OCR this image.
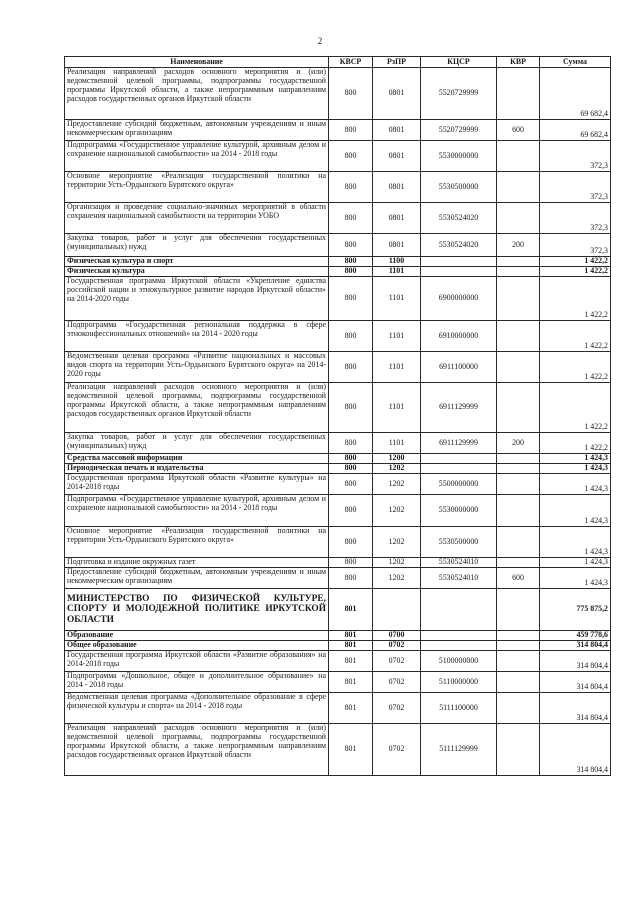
2
Наименование	КВСР	РзПР	КЦСР	КВР	Сумма
Реализация направлений расходов основного мероприятия и (или) ведомственной целевой программы, подпрограммы государственной программы Иркутской области, а также непрограммным направлениям расходов государственных органов Иркутской области	800	0801	5520729999		69 682,4
Предоставление субсидий бюджетным, автономным учреждениям и иным некоммерческим организациям	800	0801	5520729999	600	69 682,4
Подпрограмма «Государственное управление культурой, архивным делом и сохранение национальной самобытности» на 2014 - 2018 годы	800	0801	5530000000		372,3
Основное мероприятие «Реализация государственной политики на территории Усть-Ордынского Бурятского округа»	800	0801	5530500000		372,3
Организация и проведение социально-значимых мероприятий в области сохранения национальной самобытности на территории УОБО	800	0801	5530524020		372,3
Закупка товаров, работ и услуг для обеспечения государственных (муниципальных) нужд	800	0801	5530524020	200	372,3
Физическая культура и спорт	800	1100			1 422,2
Физическая культура	800	1101			1 422,2
Государственная программа Иркутской области «Укрепление единства российской нации и этнокультурное развитие народов Иркутской области» на 2014-2020 годы	800	1101	6900000000		1 422,2
Подпрограмма «Государственная региональная поддержка в сфере этноконфессиональных отношений» на 2014 - 2020 годы	800	1101	6910000000		1 422,2
Ведомственная целевая программа «Развитие национальных и массовых видов спорта на территории Усть-Ордынского Бурятского округа» на 2014-2020 годы	800	1101	6911100000		1 422,2
Реализация направлений расходов основного мероприятия и (или) ведомственной целевой программы, подпрограммы государственной программы Иркутской области, а также непрограммным направлениям расходов государственных органов Иркутской области	800	1101	6911129999		1 422,2
Закупка товаров, работ и услуг для обеспечения государственных (муниципальных) нужд	800	1101	6911129999	200	1 422,2
Средства массовой информации	800	1200			1 424,3
Периодическая печать и издательства	800	1202			1 424,3
Государственная программа Иркутской области «Развитие культуры» на 2014-2018 годы	800	1202	5500000000		1 424,3
Подпрограмма «Государственное управление культурой, архивным делом и сохранение национальной самобытности» на 2014 - 2018 годы	800	1202	5530000000		1 424,3
Основное мероприятие «Реализация государственной политики на территории Усть-Ордынского Бурятского округа»	800	1202	5530500000		1 424,3
Подготовка и издание окружных газет	800	1202	5530524010		1 424,3
Предоставление субсидий бюджетным, автономным учреждениям и иным некоммерческим организациям	800	1202	5530524010	600	1 424,3
МИНИСТЕРСТВО ПО ФИЗИЧЕСКОЙ КУЛЬТУРЕ, СПОРТУ И МОЛОДЕЖНОЙ ПОЛИТИКЕ ИРКУТСКОЙ ОБЛАСТИ	801				775 875,2
Образование	801	0700			459 778,6
Общее образование	801	0702			314 804,4
Государственная программа Иркутской области «Развитие образования» на 2014-2018 годы	801	0702	5100000000		314 804,4
Подпрограмма «Дошкольное, общее и дополнительное образование» на 2014 - 2018 годы	801	0702	5110000000		314 804,4
Ведомственная целевая программа «Дополнительное образование в сфере физической культуры и спорта» на 2014 - 2018 годы	801	0702	5111100000		314 804,4
Реализация направлений расходов основного мероприятия и (или) ведомственной целевой программы, подпрограммы государственной программы Иркутской области, а также непрограммным направлениям расходов государственных органов Иркутской области	801	0702	5111129999		314 804,4
